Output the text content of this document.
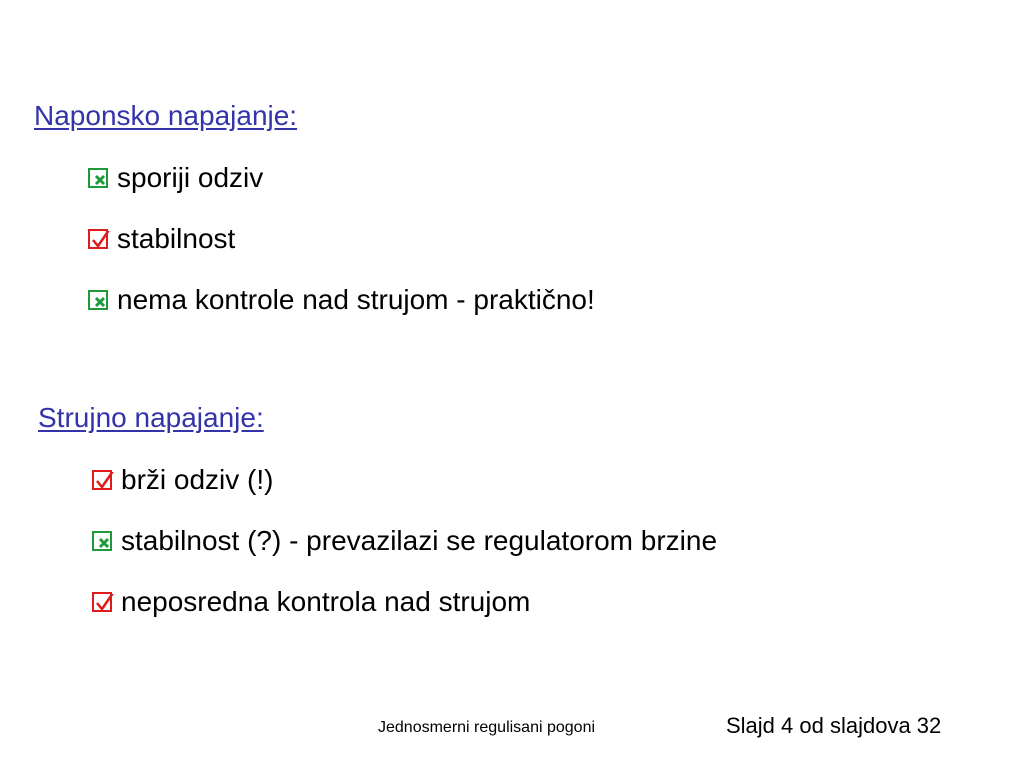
Naponsko napajanje:
sporiji odziv
stabilnost
nema kontrole nad strujom - praktično!
Strujno napajanje:
brži odziv (!)
stabilnost (?) - prevazilazi se regulatorom brzine
neposredna kontrola nad strujom
Jednosmerni regulisani pogoni	Slajd 4 od slajdova 32
